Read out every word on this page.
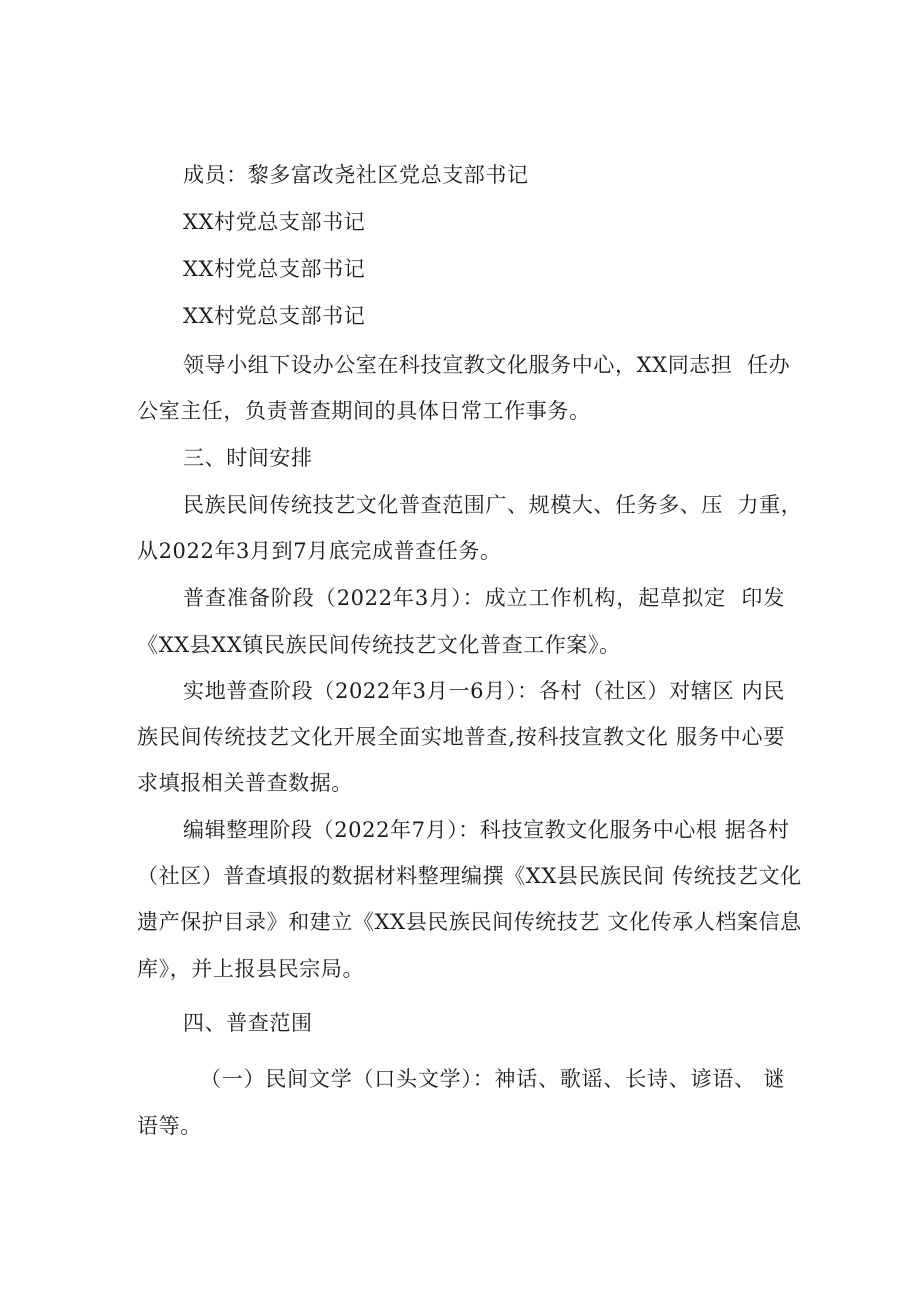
成员：黎多富改尧社区党总支部书记
XX村党总支部书记
XX村党总支部书记
XX村党总支部书记
领导小组下设办公室在科技宣教文化服务中心，XX同志担  任办
公室主任，负责普查期间的具体日常工作事务。
三、时间安排
民族民间传统技艺文化普查范围广、规模大、任务多、压  力重，
从2022年3月到7月底完成普查任务。
普查准备阶段（2022年3月）：成立工作机构，起草拟定  印发
《XX县XX镇民族民间传统技艺文化普查工作案》。
实地普查阶段（2022年3月一6月）：各村（社区）对辖区 内民
族民间传统技艺文化开展全面实地普查,按科技宣教文化 服务中心要
求填报相关普查数据。
编辑整理阶段（2022年7月）：科技宣教文化服务中心根 据各村
（社区）普查填报的数据材料整理编撰《XX县民族民间 传统技艺文化
遗产保护目录》和建立《XX县民族民间传统技艺 文化传承人档案信息
库》，并上报县民宗局。
四、普查范围
（一）民间文学（口头文学）：神话、歌谣、长诗、谚语、 谜
语等。
